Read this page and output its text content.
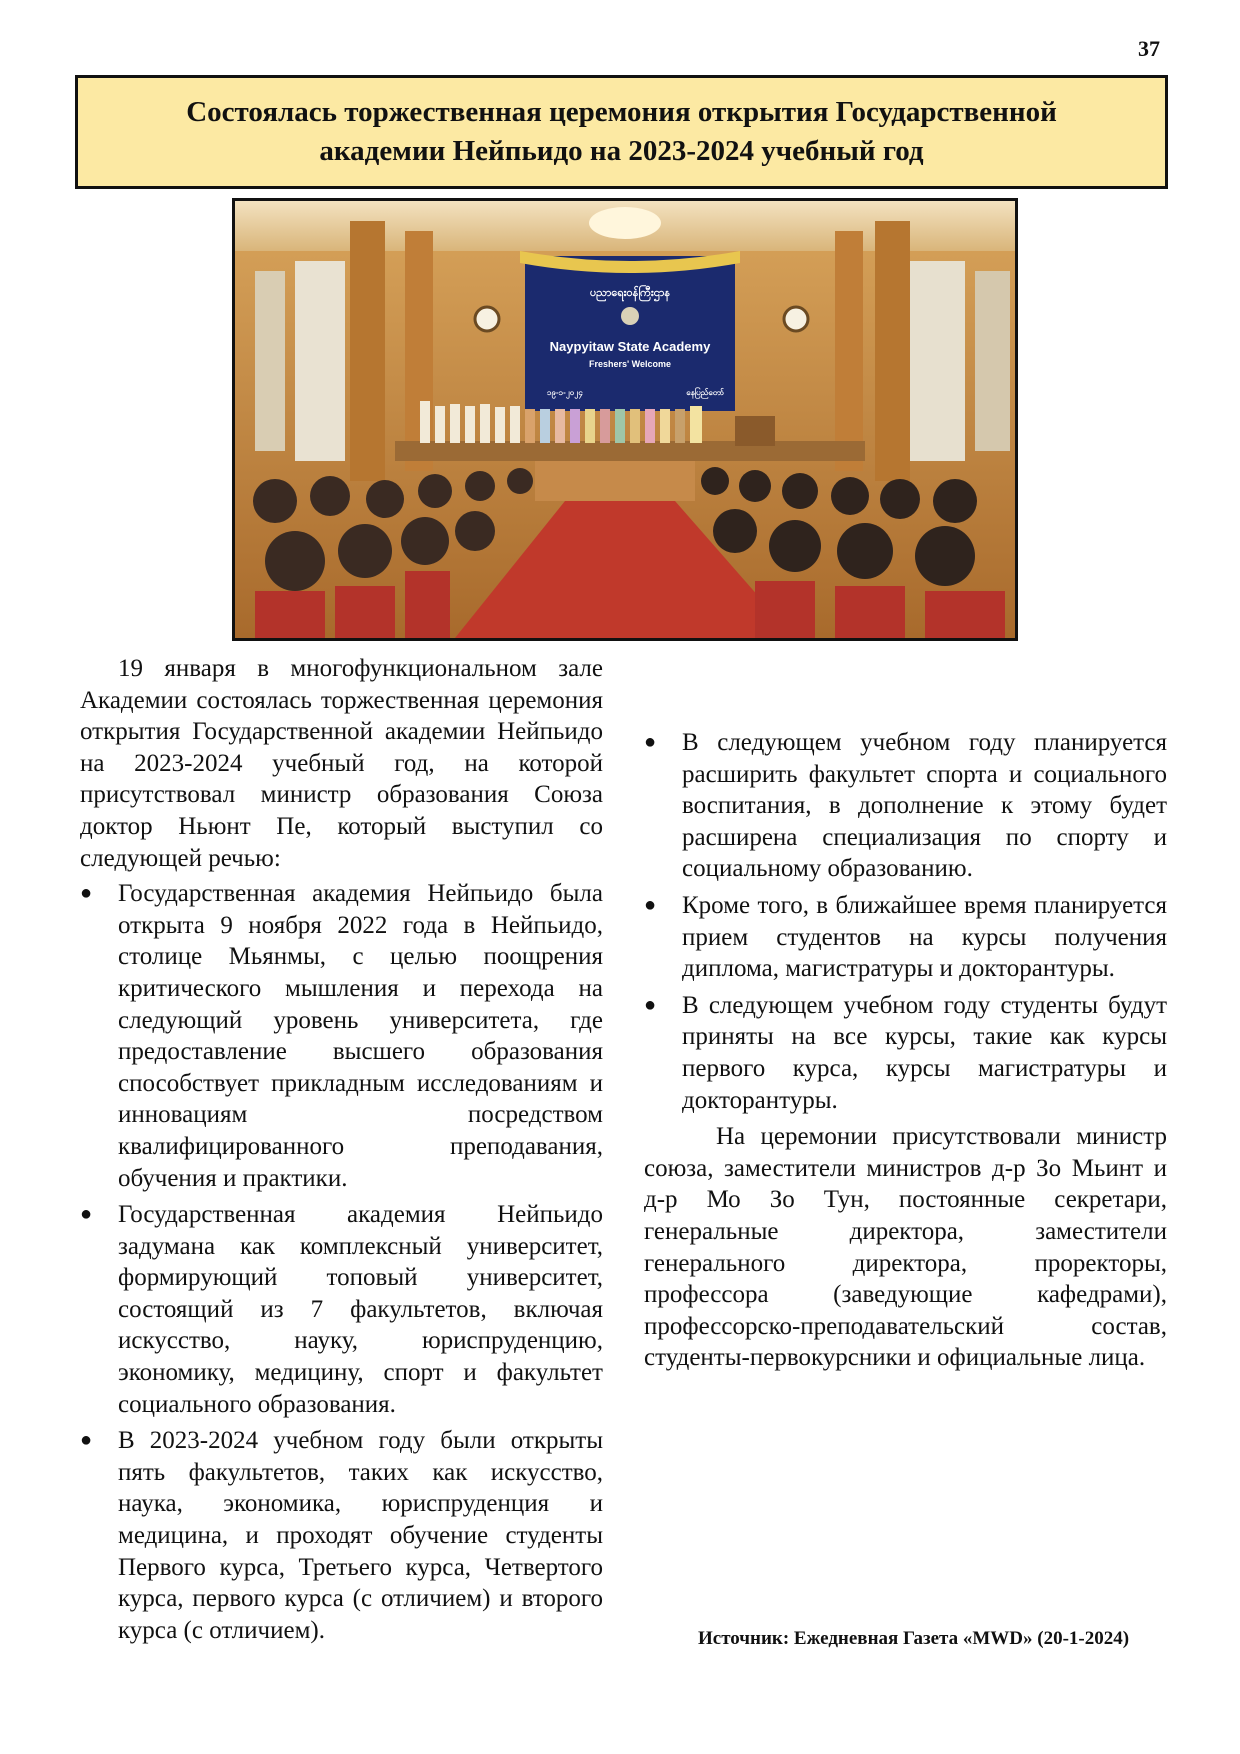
37
Состоялась торжественная церемония открытия Государственной
академии Нейпьидо на 2023-2024 учебный год
ပညာရေးဝန်ကြီးဌာန
Naypyitaw State Academy
Freshers' Welcome
၁၉-၁-၂၀၂၄	နေပြည်တော်

19 января в многофункциональном зале Академии состоялась торжественная церемония открытия Государственной академии Нейпьидо на 2023-2024 учебный год, на которой присутствовал министр образования Союза доктор Ньюнт Пе, который выступил со следующей речью:

● Государственная академия Нейпьидо была открыта 9 ноября 2022 года в Нейпьидо, столице Мьянмы, с целью поощрения критического мышления и перехода на следующий уровень университета, где предоставление высшего образования способствует прикладным исследованиям и инновациям посредством квалифицированного преподавания, обучения и практики.
● Государственная академия Нейпьидо задумана как комплексный университет, формирующий топовый университет, состоящий из 7 факультетов, включая искусство, науку, юриспруденцию, экономику, медицину, спорт и факультет социального образования.
● В 2023-2024 учебном году были открыты пять факультетов, таких как искусство, наука, экономика, юриспруденция и медицина, и проходят обучение студенты Первого курса, Третьего курса, Четвертого курса, первого курса (с отличием) и второго курса (с отличием).
● В следующем учебном году планируется расширить факультет спорта и социального воспитания, в дополнение к этому будет расширена специализация по спорту и социальному образованию.
● Кроме того, в ближайшее время планируется прием студентов на курсы получения диплома, магистратуры и докторантуры.
● В следующем учебном году студенты будут приняты на все курсы, такие как курсы первого курса, курсы магистратуры и докторантуры.

На церемонии присутствовали министр союза, заместители министров д-р Зо Мьинт и д-р Мо Зо Тун, постоянные секретари, генеральные директора, заместители генерального директора, проректоры, профессора (заведующие кафедрами), профессорско-преподавательский состав, студенты-первокурсники и официальные лица.

Источник: Ежедневная Газета «MWD» (20-1-2024)
